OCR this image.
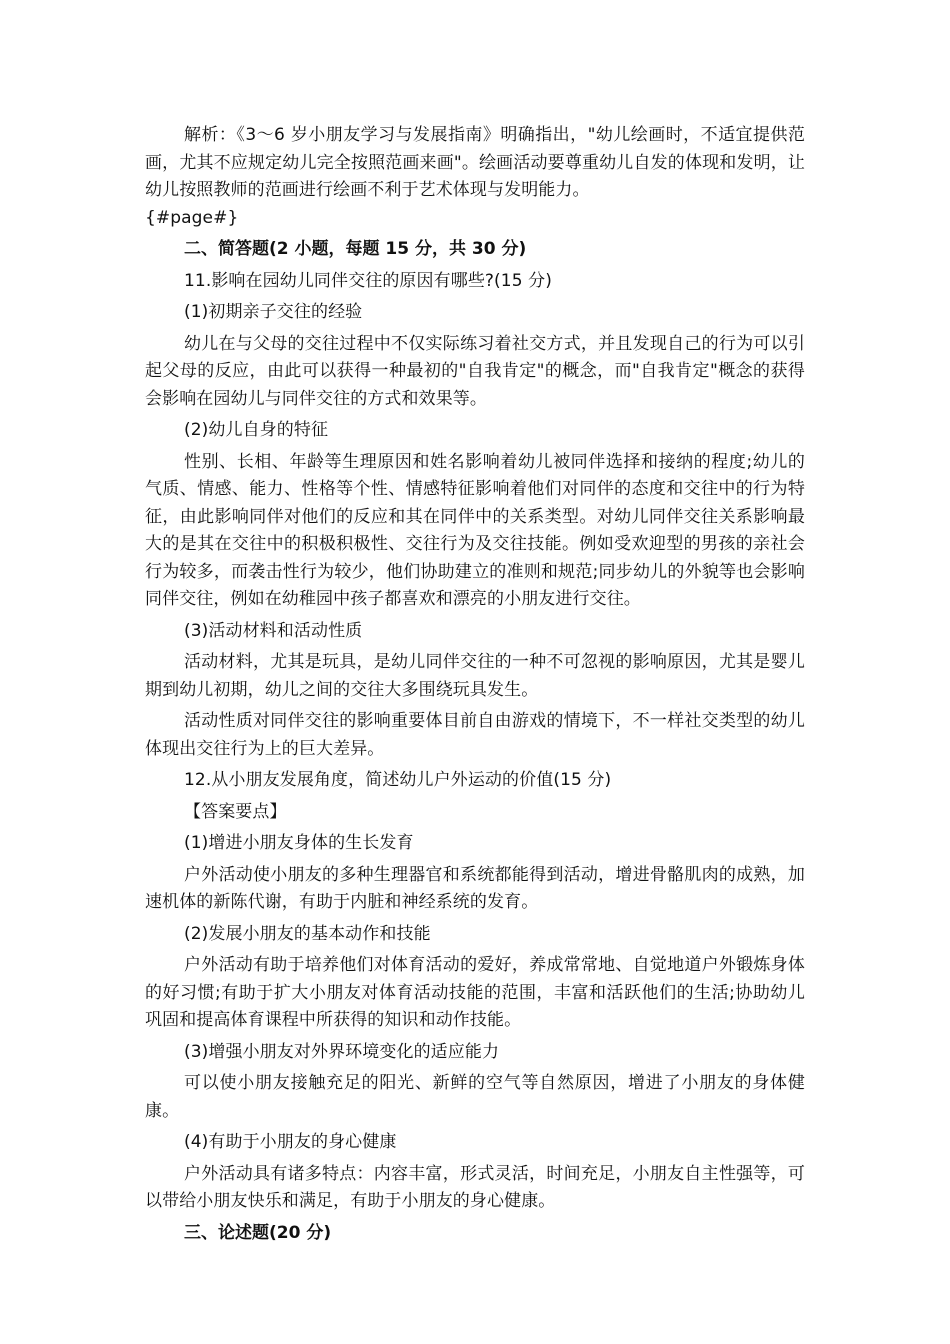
解析：《3～6 岁小朋友学习与发展指南》明确指出，"幼儿绘画时，不适宜提供范画，尤其不应规定幼儿完全按照范画来画"。绘画活动要尊重幼儿自发的体现和发明，让幼儿按照教师的范画进行绘画不利于艺术体现与发明能力。

{#page#}

二、简答题(2 小题，每题 15 分，共 30 分)

11.影响在园幼儿同伴交往的原因有哪些?(15 分)

(1)初期亲子交往的经验

幼儿在与父母的交往过程中不仅实际练习着社交方式，并且发现自己的行为可以引起父母的反应，由此可以获得一种最初的"自我肯定"的概念，而"自我肯定"概念的获得会影响在园幼儿与同伴交往的方式和效果等。

(2)幼儿自身的特征

性别、长相、年龄等生理原因和姓名影响着幼儿被同伴选择和接纳的程度;幼儿的气质、情感、能力、性格等个性、情感特征影响着他们对同伴的态度和交往中的行为特征，由此影响同伴对他们的反应和其在同伴中的关系类型。对幼儿同伴交往关系影响最大的是其在交往中的积极积极性、交往行为及交往技能。例如受欢迎型的男孩的亲社会行为较多，而袭击性行为较少，他们协助建立的准则和规范;同步幼儿的外貌等也会影响同伴交往，例如在幼稚园中孩子都喜欢和漂亮的小朋友进行交往。

(3)活动材料和活动性质

活动材料，尤其是玩具，是幼儿同伴交往的一种不可忽视的影响原因，尤其是婴儿期到幼儿初期，幼儿之间的交往大多围绕玩具发生。

活动性质对同伴交往的影响重要体目前自由游戏的情境下，不一样社交类型的幼儿体现出交往行为上的巨大差异。

12.从小朋友发展角度，简述幼儿户外运动的价值(15 分)

【答案要点】

(1)增进小朋友身体的生长发育

户外活动使小朋友的多种生理器官和系统都能得到活动，增进骨骼肌肉的成熟，加速机体的新陈代谢，有助于内脏和神经系统的发育。

(2)发展小朋友的基本动作和技能

户外活动有助于培养他们对体育活动的爱好，养成常常地、自觉地道户外锻炼身体的好习惯;有助于扩大小朋友对体育活动技能的范围，丰富和活跃他们的生活;协助幼儿巩固和提高体育课程中所获得的知识和动作技能。

(3)增强小朋友对外界环境变化的适应能力

可以使小朋友接触充足的阳光、新鲜的空气等自然原因，增进了小朋友的身体健康。

(4)有助于小朋友的身心健康

户外活动具有诸多特点：内容丰富，形式灵活，时间充足，小朋友自主性强等，可以带给小朋友快乐和满足，有助于小朋友的身心健康。

三、论述题(20 分)
